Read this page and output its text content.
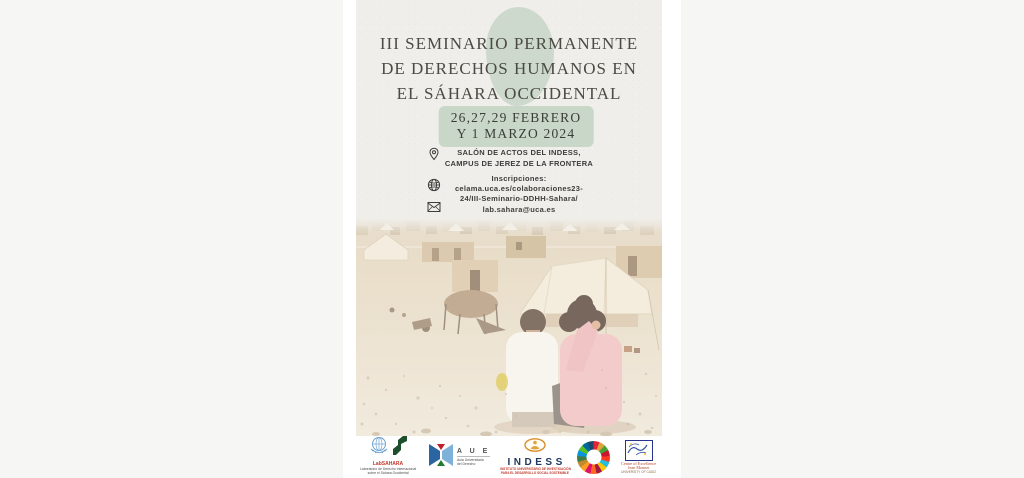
III SEMINARIO PERMANENTE
DE DERECHOS HUMANOS EN
EL SÁHARA OCCIDENTAL
26,27,29 FEBRERO
Y 1 MARZO 2024
SALÓN DE ACTOS DEL INDESS,
CAMPUS DE JEREZ DE LA FRONTERA
Inscripciones:
celama.uca.es/colaboraciones23-
24/III-Seminario-DDHH-Sahara/
lab.sahara@uca.es
LabSAHARA
Laboratorio de Derecho Internacional
sobre el Sáhara Occidental
A U E
Aula Universitaria
del Derecho	INDESS
INSTITUTO UNIVERSITARIO DE INVESTIGACIÓN
PARA EL DESARROLLO SOCIAL SOSTENIBLE
Centre of Excellence
Jean Monnet
UNIVERSITY OF CADIZ
